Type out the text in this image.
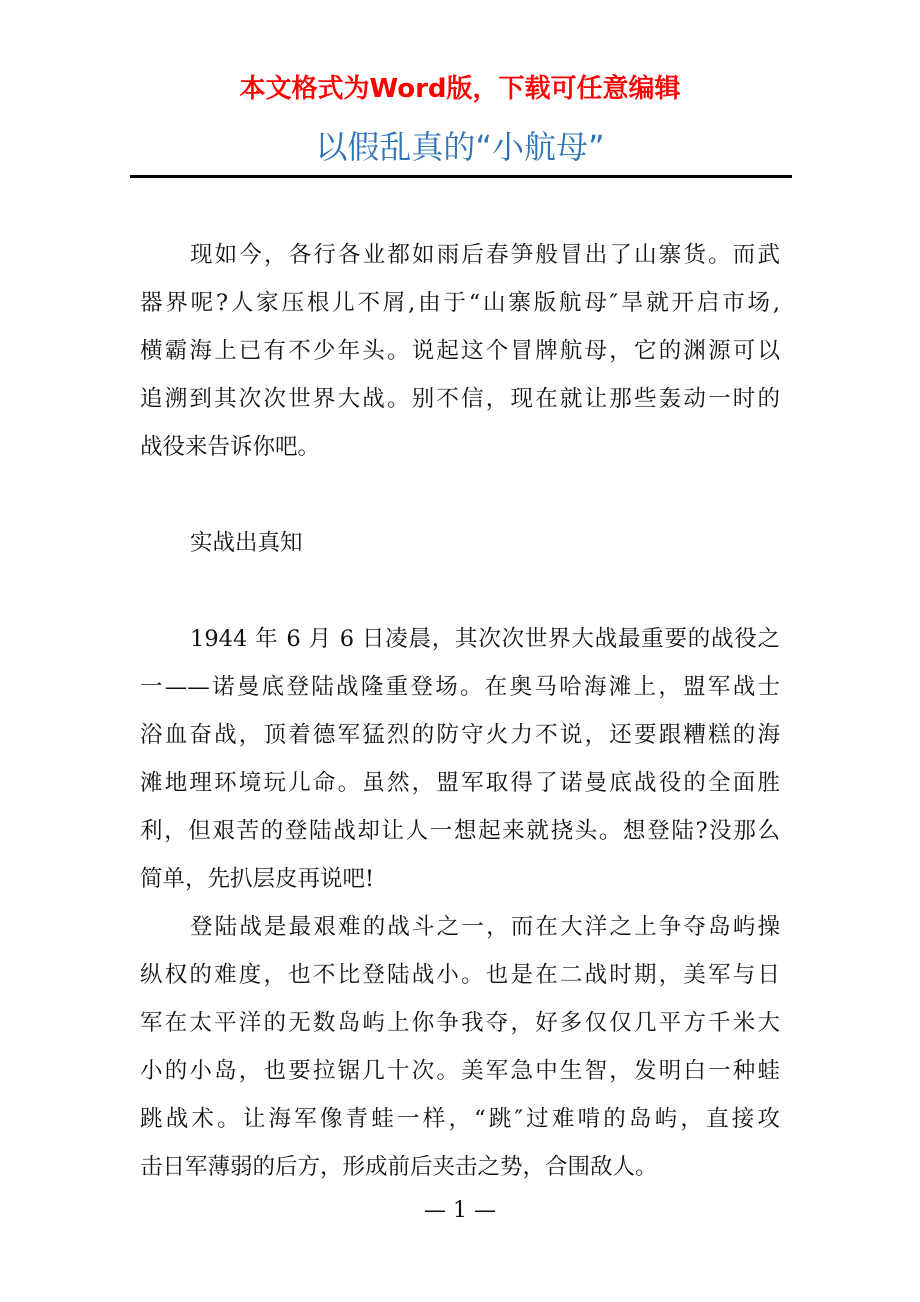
本文格式为Word版，下载可任意编辑
以假乱真的“小航母”
现如今，各行各业都如雨后春笋般冒出了山寨货。而武
器界呢?人家压根儿不屑,由于“山寨版航母″旱就开启市场,
横霸海上已有不少年头。说起这个冒牌航母，它的渊源可以
追溯到其次次世界大战。别不信，现在就让那些轰动一时的
战役来告诉你吧。
实战出真知
1944 年 6 月 6 日凌晨，其次次世界大战最重要的战役之
一——诺曼底登陆战隆重登场。在奥马哈海滩上，盟军战士
浴血奋战，顶着德军猛烈的防守火力不说，还要跟糟糕的海
滩地理环境玩儿命。虽然，盟军取得了诺曼底战役的全面胜
利，但艰苦的登陆战却让人一想起来就挠头。想登陆?没那么
简单，先扒层皮再说吧!
登陆战是最艰难的战斗之一，而在大洋之上争夺岛屿操
纵权的难度，也不比登陆战小。也是在二战时期，美军与日
军在太平洋的无数岛屿上你争我夺，好多仅仅几平方千米大
小的小岛，也要拉锯几十次。美军急中生智，发明白一种蛙
跳战术。让海军像青蛙一样，“跳″过难啃的岛屿，直接攻
击日军薄弱的后方，形成前后夹击之势，合围敌人。
— 1 —
